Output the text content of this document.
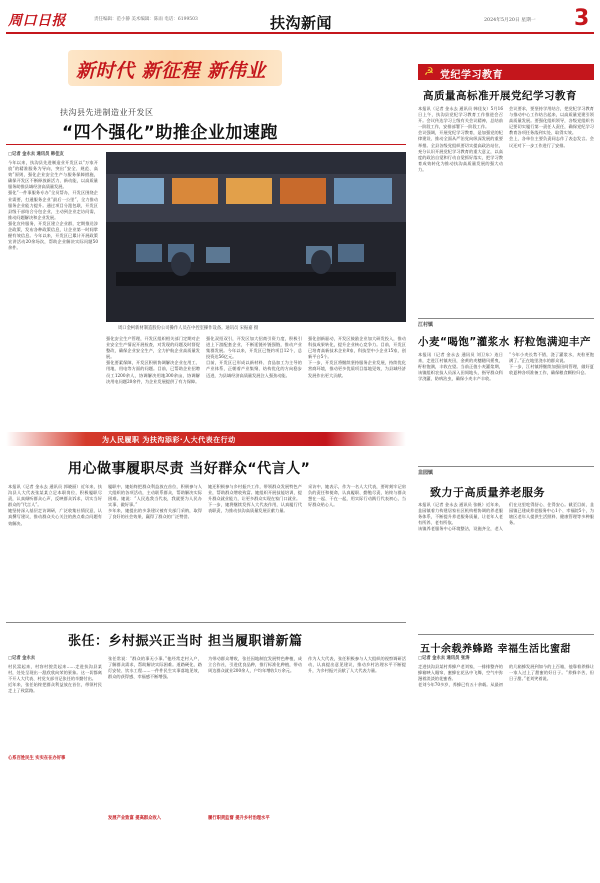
周口日报	责任编辑：范小静 美术编辑：陈雨 电话：6199503	扶沟新闻	2024年5月20日 星期一 3
新时代 新征程 新伟业
扶沟县先进制造业开发区
“四个强化”助推企业加速跑
□记者 金永去 通讯员 韩佳友
今年以来，扶沟县先进制造业开发区以“万家开放”的精准服务为导向，突出“安全、规范、高效”原则，强化企业安全生产与服务保障措施，确保开发区不断释放新活力、新动能，以高质量服务助推县域经济高质量发展。
强化“一件事服务专办”全员帮办，开发区围绕企业需要，打通服务企业“最后一公里”，全力推动服务企业能力提升。通过项目分派包联，开发区县级干部结合分包企业，主动到企业走访问需，推动问题解决和企业发展。
强化宣传服务，开发区建立企业群，定期推送涉企政策，发布各种政策信息，让企业第一时间掌握有效信息。今年以来，开发区已累计开展政策宣讲活动20余场次，帮助企业解决实际问题50余件。
周口金柯新材制造股份公司操作人员在中控室操作设备。通讯员 宋振嘉 摄
强化安全生产管理，开发区组织相关部门定期对企业安全生产情况开展检查，对发现的问题及时督促整改，确保企业安全生产，全力护航企业高质量发展。
强化要素保障，开发区积极协调解决企业在用工、用地、用电等方面的问题。目前，已帮助企业招聘员工1200余人，协调解决用地300余亩，协调解决用电问题20余件，为企业发展提供了有力保障。
强化双招双引，开发区加大招商引资力度，积极引进上下游配套企业，不断延链补链强链，推动产业集群发展。今年以来，开发区已签约项目12个，总投资达56亿元。
目前，开发区已形成以新材料、食品加工为主导的产业体系，正朝着产业集聚、结构优化的方向稳步迈进，为县域经济高质量发展注入强劲动能。
强化创新驱动，开发区鼓励企业加大研发投入，推动科技成果转化，提升企业核心竞争力。目前，开发区已培育高新技术企业8家，科技型中小企业15家，创新平台5个。
下一步，开发区将继续坚持服务企业发展，持续优化营商环境，推动更多优质项目落地见效，为县域经济发展作出更大贡献。
☭ 党纪学习教育
高质量高标准开展党纪学习教育
本报讯（记者 金永去 通讯员 韩佳友）5月16日上午，扶沟县党纪学习教育工作推进会召开。会议传达学习上级有关会议精神，总结前一阶段工作，安排部署下一阶段工作。
会议强调，开展党纪学习教育，是加强党的纪律建设、推动全面从严治党向纵深发展的重要举措。全县各级党组织要切实提高政治站位，充分认识开展党纪学习教育的重大意义，以高度的政治自觉和行动自觉抓好落实，把学习教育成效转化为推动扶沟高质量发展的强大动力。
会议要求，要坚持学用结合，把党纪学习教育与推动中心工作结合起来，以高质量党建引领高质量发展。要强化组织领导，各级党组织书记要切实履行第一责任人责任，确保党纪学习教育各项任务落到实处、取得实效。
会上，各单位主要负责同志作了表态发言。会议还对下一步工作进行了安排。
江村镇
小麦“喝饱”灌浆水 籽粒饱满迎丰产
本报讯（记者 金永去 通讯员 刘卫东）连日来，走进江村镇麦田，金黄的麦穗随风摇曳，籽粒饱满，丰收在望。当前正值小麦灌浆期，该镇组织农技人员深入田间地头，指导群众科学浇灌、防病治虫，确保小麦丰产丰收。
“今年小麦长势不错，浇了灌浆水，麦粒更饱满了。”正在地里浇水的群众说。
下一步，江村镇将继续加强田间管理，做好夏收夏种各项准备工作，确保粮食颗粒归仓。
韭园镇
致力于高质量养老服务
本报讯（记者 金永去 通讯员 张帆）近年来，韭园镇着力构建居家社区机构相协调的养老服务体系，不断提升养老服务质量，让老年人老有所养、老有所依。
该镇养老服务中心环境整洁，设施齐全，老人们在这里吃得舒心、住得安心。截至目前，韭园镇已建成养老服务中心1个、幸福院5个，为辖区老年人提供生活照料、健康管理等多种服务。
五十余载养蜂路 幸福生活比蜜甜
□记者 金永去 通讯员 张涛
走进扶沟县某村养蜂户老刘家，一排排整齐的蜂箱映入眼帘，蜜蜂在花丛中飞舞，空气中弥漫着淡淡的花蜜香。
老刘今年70多岁，养蜂已有五十余载。从最初的几箱蜂发展到如今的上百箱，他靠着养蜂让一家人过上了甜蜜的好日子。“养蜂辛苦，但日子甜。”老刘笑着说。
为人民履职 为扶沟添彩·人大代表在行动
用心做事履职尽责 当好群众“代言人”
本报讯（记者 金永去 通讯员 郭晓丽）近年来，扶沟县人大代表张某某立足本职岗位，积极履职尽责，认真倾听群众心声，反映群众诉求，切实当好群众的“代言人”。
她坚持深入基层走访调研，广泛收集社情民意，认真撰写建议，推动群众关心关注的热点难点问题有效解决。
履职中，她始终把群众利益放在首位，积极参与人大组织的各项活动，主动联系群众，帮助解决实际困难。她说：“人民选我当代表，我就要为人民办实事、做好事。”
多年来，她提出的多条建议被有关部门采纳，取得了良好的社会效果，赢得了群众的广泛赞誉。
她还积极参与乡村振兴工作，带领群众发展特色产业，帮助群众增收致富。她组织开展技能培训，提升群众就业能力，让更多群众实现在家门口就业。
下一步，她将继续发挥人大代表作用，认真履行代表职责，为推动扶沟高质量发展贡献力量。
采访中，她表示，作为一名人大代表，要时刻牢记肩负的责任和使命，认真履职、勤勉尽责，始终与群众想在一起、干在一起，用实际行动践行代表初心，当好群众贴心人。
张任：乡村振兴正当时 担当履职谱新篇
□记者 金永去
村民富起来，村容村貌美起来……走进扶沟县某村，处处呈现出一派欣欣向荣的景象。这一切都离不开人大代表、村党支部书记张任的辛勤付出。
近年来，张任始终把群众利益放在首位，带领村民走上了致富路。
心系百姓民生 实实在在办好事
张任常说：“群众的事无小事。”他经常走村入户，了解群众需求，帮助解决实际困难。道路硬化、路灯安装、饮水工程……一件件民生实事落地见效，群众的获得感、幸福感不断增强。
发展产业致富 提高群众收入
为带动群众增收，张任因地制宜发展特色种植，成立合作社，引进优良品种，推行标准化种植，带动周边群众就业200余人，户均年增收1万余元。
履行职责监督 提升乡村治理水平
作为人大代表，张任积极参与人大组织的视察调研活动，认真提出意见建议，推动乡村治理水平不断提升，为乡村振兴贡献了人大代表力量。
